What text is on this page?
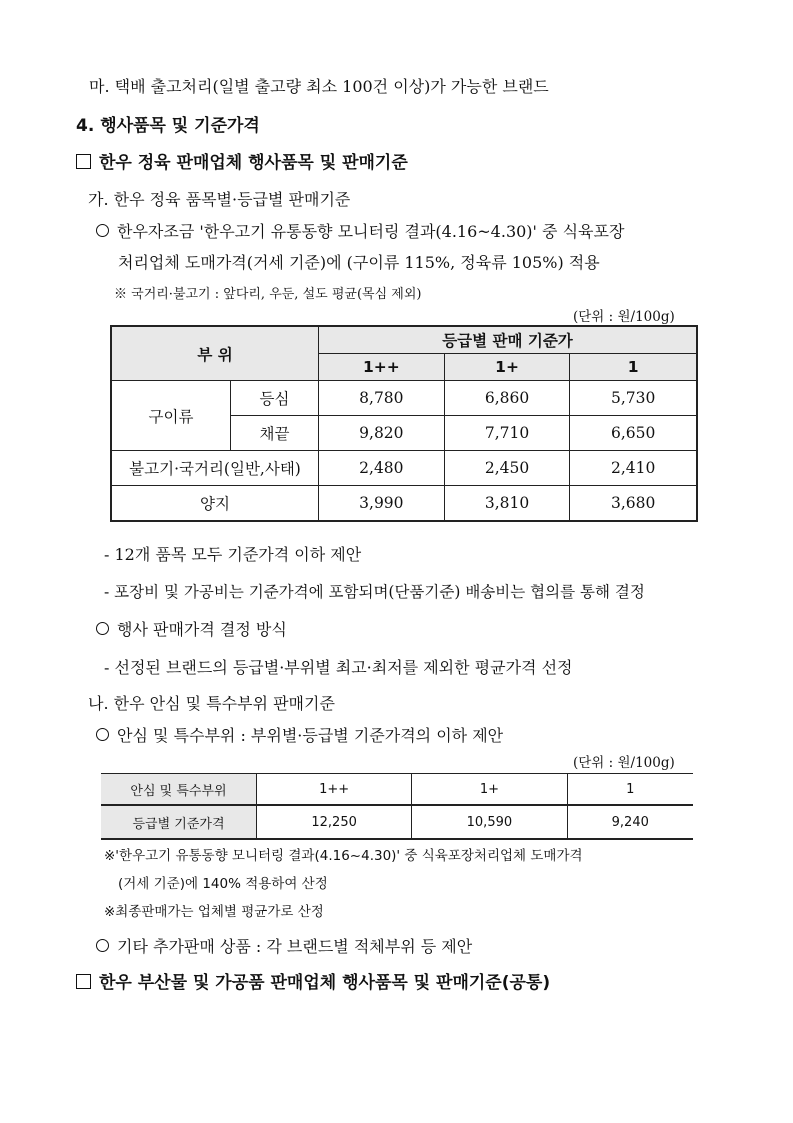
마. 택배 출고처리(일별 출고량 최소 100건 이상)가 가능한 브랜드
4. 행사품목 및 기준가격
한우 정육 판매업체 행사품목 및 판매기준
가. 한우 정육 품목별·등급별 판매기준
한우자조금 '한우고기 유통동향 모니터링 결과(4.16~4.30)' 중 식육포장
처리업체 도매가격(거세 기준)에 (구이류 115%, 정육류 105%) 적용
※ 국거리·불고기 : 앞다리, 우둔, 설도 평균(목심 제외)
(단위 : 원/100g)
부 위		등급별 판매 기준가		
		1++	1+	1
구이류	등심	8,780	6,860	5,730
	채끝	9,820	7,710	6,650
불고기·국거리(일반,사태)		2,480	2,450	2,410
양지		3,990	3,810	3,680
- 12개 품목 모두 기준가격 이하 제안
- 포장비 및 가공비는 기준가격에 포함되며(단품기준) 배송비는 협의를 통해 결정
행사 판매가격 결정 방식
- 선정된 브랜드의 등급별·부위별 최고·최저를 제외한 평균가격 선정
나. 한우 안심 및 특수부위 판매기준
안심 및 특수부위 : 부위별·등급별 기준가격의 이하 제안
(단위 : 원/100g)
안심 및 특수부위	1++	1+	1
등급별 기준가격	12,250	10,590	9,240
※'한우고기 유통동향 모니터링 결과(4.16~4.30)' 중 식육포장처리업체 도매가격
(거세 기준)에 140% 적용하여 산정
※최종판매가는 업체별 평균가로 산정
기타 추가판매 상품 : 각 브랜드별 적체부위 등 제안
한우 부산물 및 가공품 판매업체 행사품목 및 판매기준(공통)
